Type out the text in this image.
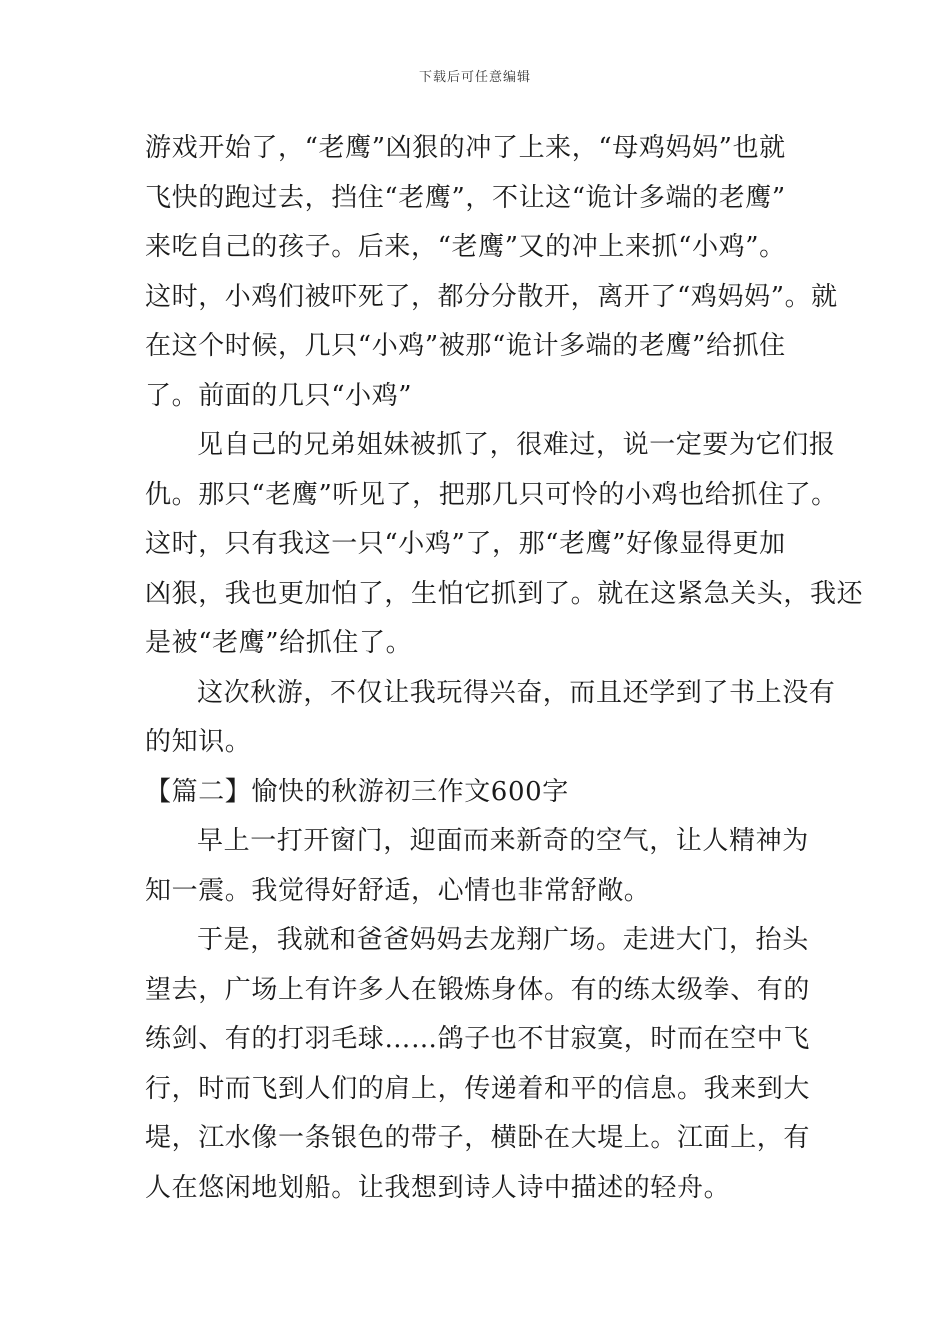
下载后可任意编辑
游戏开始了，“老鹰”凶狠的冲了上来，“母鸡妈妈”也就
飞快的跑过去，挡住“老鹰”，不让这“诡计多端的老鹰”
来吃自己的孩子。后来，“老鹰”又的冲上来抓“小鸡”。
这时，小鸡们被吓死了，都分分散开，离开了“鸡妈妈”。就
在这个时候，几只“小鸡”被那“诡计多端的老鹰”给抓住
了。前面的几只“小鸡”
见自己的兄弟姐妹被抓了，很难过，说一定要为它们报
仇。那只“老鹰”听见了，把那几只可怜的小鸡也给抓住了。
这时，只有我这一只“小鸡”了，那“老鹰”好像显得更加
凶狠，我也更加怕了，生怕它抓到了。就在这紧急关头，我还
是被“老鹰”给抓住了。
这次秋游，不仅让我玩得兴奋，而且还学到了书上没有
的知识。
【篇二】愉快的秋游初三作文600字
早上一打开窗门，迎面而来新奇的空气，让人精神为
知一震。我觉得好舒适，心情也非常舒敞。
于是，我就和爸爸妈妈去龙翔广场。走进大门，抬头
望去，广场上有许多人在锻炼身体。有的练太级拳、有的
练剑、有的打羽毛球……鸽子也不甘寂寞，时而在空中飞
行，时而飞到人们的肩上，传递着和平的信息。我来到大
堤，江水像一条银色的带子，横卧在大堤上。江面上，有
人在悠闲地划船。让我想到诗人诗中描述的轻舟。
